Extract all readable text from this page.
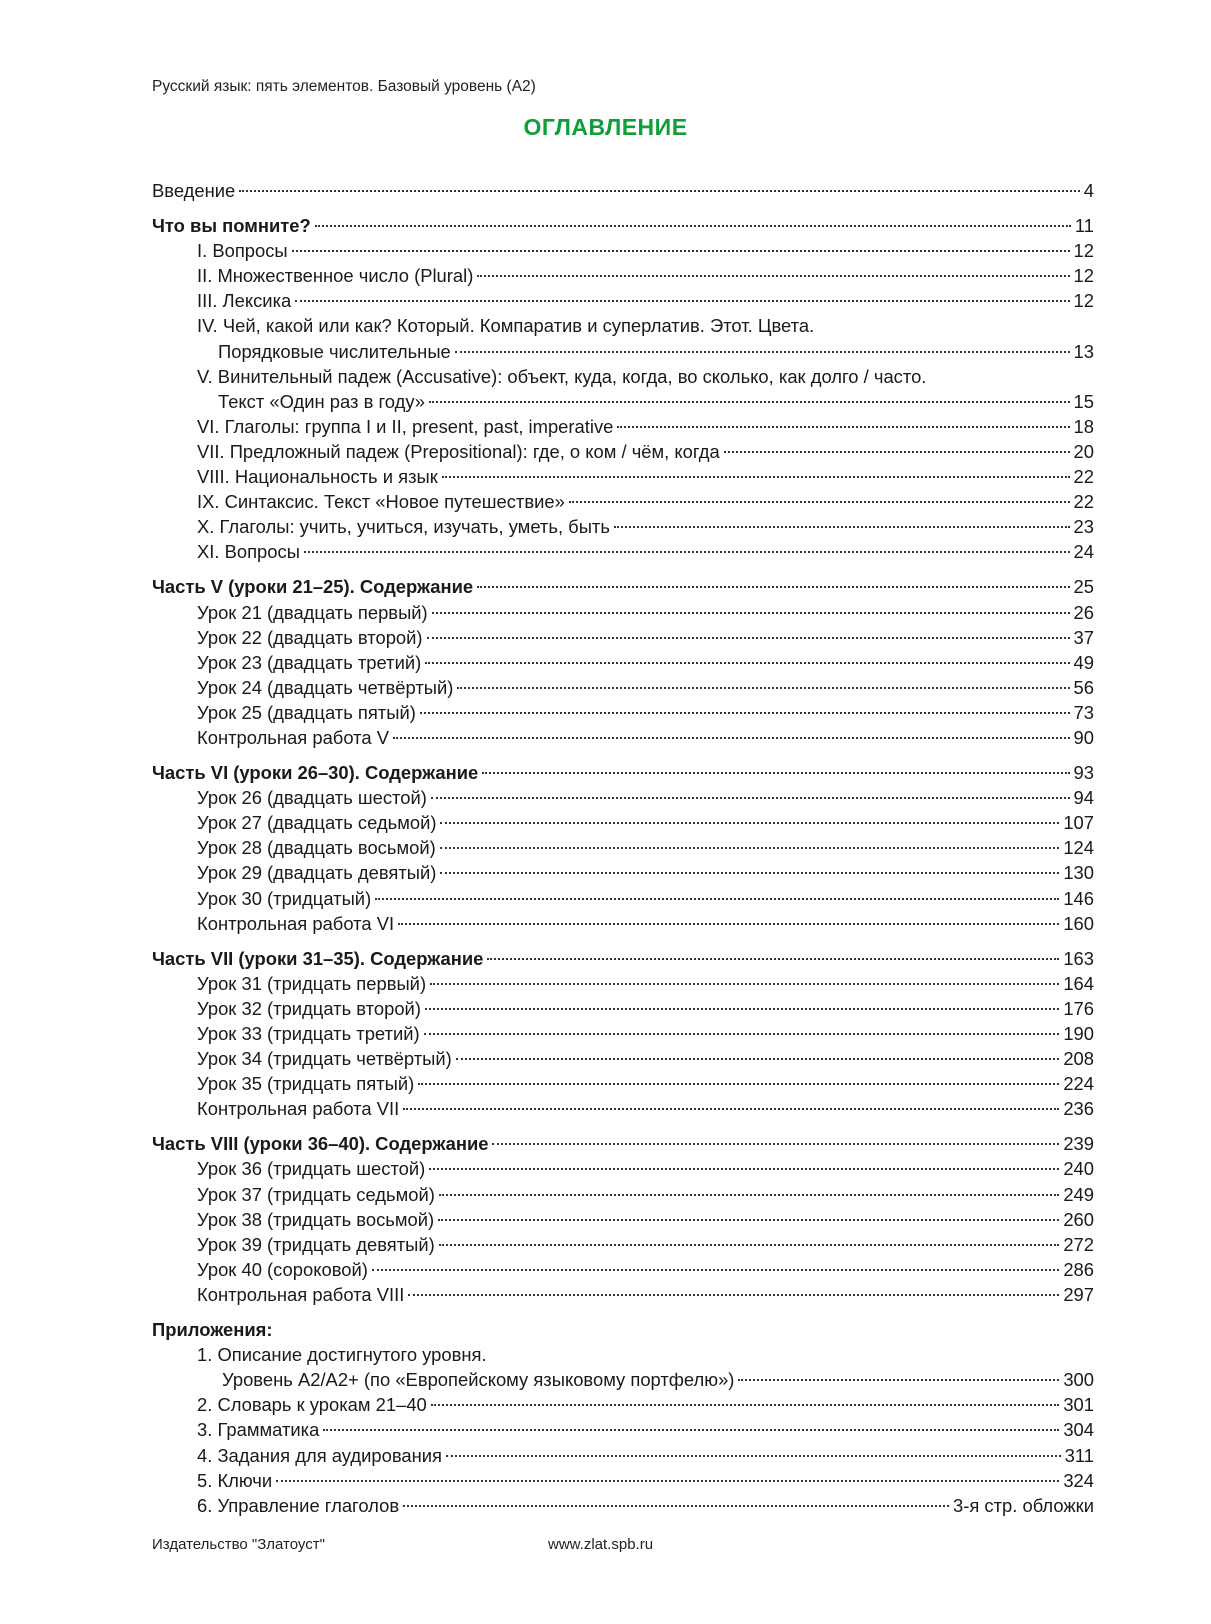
Русский язык: пять элементов. Базовый уровень (А2)
ОГЛАВЛЕНИЕ
Введение	4
Что вы помните?	11
I. Вопросы	12
II. Множественное число (Plural)	12
III. Лексика	12
IV. Чей, какой или как? Который. Компаратив и суперлатив. Этот. Цвета.
Порядковые числительные	13
V. Винительный падеж (Accusative): объект, куда, когда, во сколько, как долго / часто.
Текст «Один раз в году»	15
VI. Глаголы: группа I и II, present, past, imperative	18
VII. Предложный падеж (Prepositional): где, о ком / чём, когда	20
VIII. Национальность и язык	22
IX. Синтаксис. Текст «Новое путешествие»	22
X. Глаголы: учить, учиться, изучать, уметь, быть	23
XI. Вопросы	24
Часть V (уроки 21–25). Содержание	25
Урок 21 (двадцать первый)	26
Урок 22 (двадцать второй)	37
Урок 23 (двадцать третий)	49
Урок 24 (двадцать четвёртый)	56
Урок 25 (двадцать пятый)	73
Контрольная работа V	90
Часть VI (уроки 26–30). Содержание	93
Урок 26 (двадцать шестой)	94
Урок 27 (двадцать седьмой)	107
Урок 28 (двадцать восьмой)	124
Урок 29 (двадцать девятый)	130
Урок 30 (тридцатый)	146
Контрольная работа VI	160
Часть VII (уроки 31–35). Содержание	163
Урок 31 (тридцать первый)	164
Урок 32 (тридцать второй)	176
Урок 33 (тридцать третий)	190
Урок 34 (тридцать четвёртый)	208
Урок 35 (тридцать пятый)	224
Контрольная работа VII	236
Часть VIII (уроки 36–40). Содержание	239
Урок 36 (тридцать шестой)	240
Урок 37 (тридцать седьмой)	249
Урок 38 (тридцать восьмой)	260
Урок 39 (тридцать девятый)	272
Урок 40 (сороковой)	286
Контрольная работа VIII	297
Приложения:
1. Описание достигнутого уровня.
Уровень А2/А2+ (по «Европейскому языковому портфелю»)	300
2. Словарь к урокам 21–40	301
3. Грамматика	304
4. Задания для аудирования	311
5. Ключи	324
6. Управление глаголов	3-я стр. обложки
Издательство "Златоуст"	www.zlat.spb.ru
